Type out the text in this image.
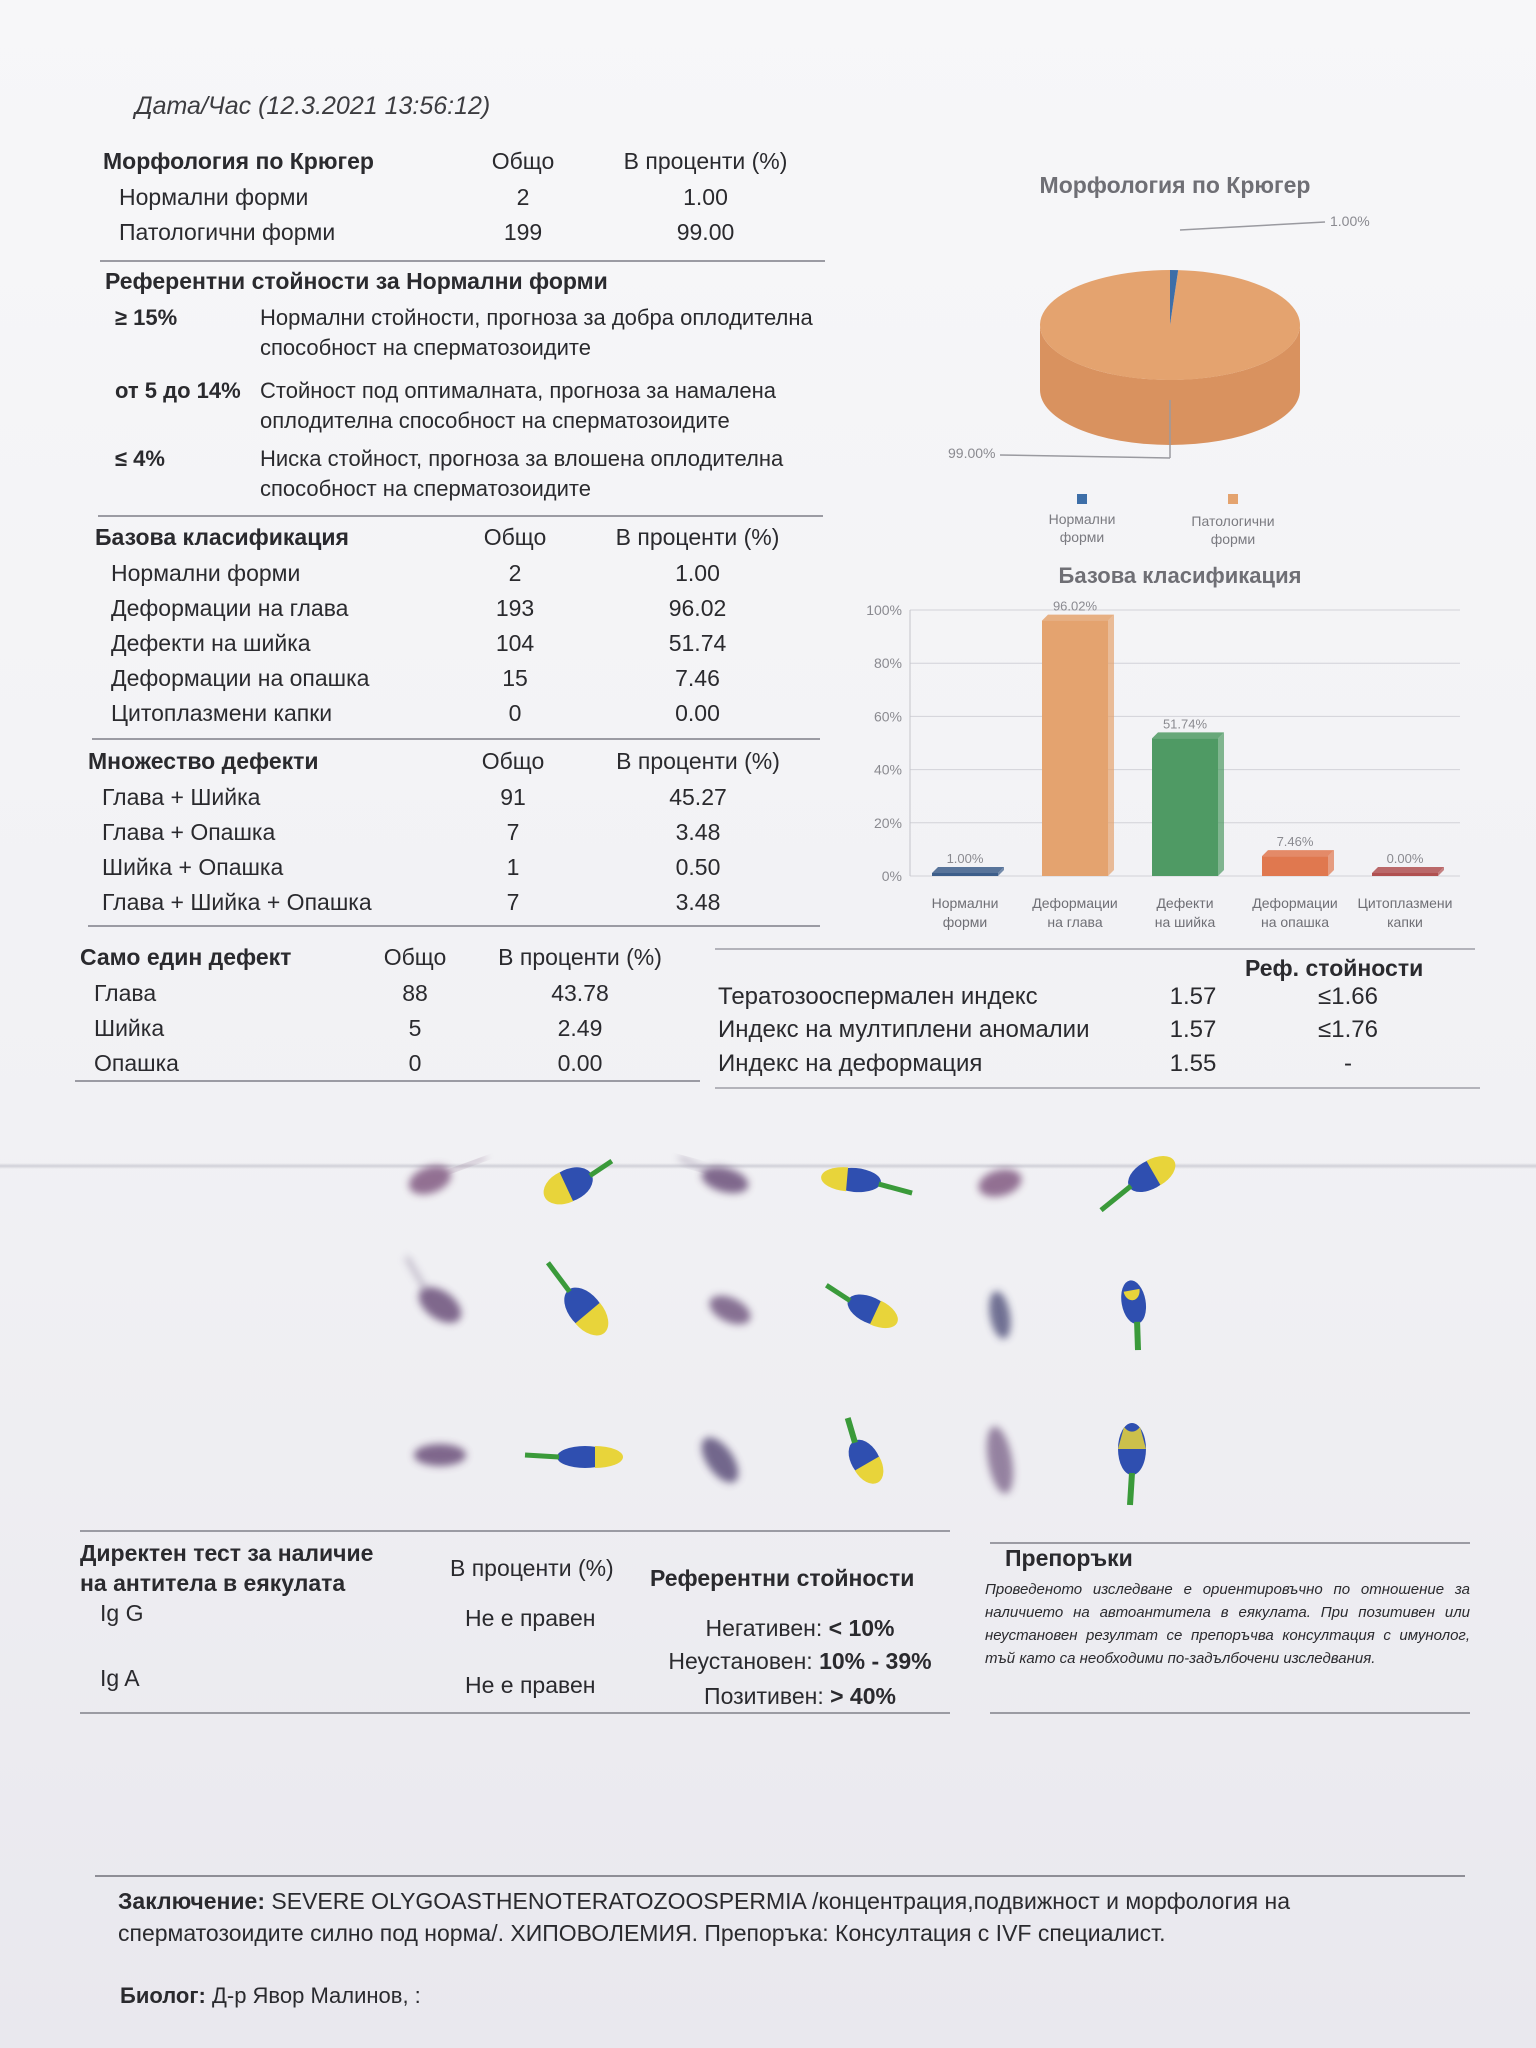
Дата/Час (12.3.2021 13:56:12)
Морфология по Крюгер	Общо	В проценти (%)
Нормални форми	2	1.00
Патологични форми	199	99.00
Референтни стойности за Нормални форми
≥ 15%	Нормални стойности, прогноза за добра оплодителна способност на сперматозоидите
от 5 до 14% Стойност под оптималната, прогноза за намалена оплодителна способност на сперматозоидите
≤ 4%	Ниска стойност, прогноза за влошена оплодителна способност на сперматозоидите
Базова класификация	Общо	В проценти (%)
Нормални форми	2	1.00
Деформации на глава	193	96.02
Дефекти на шийка	104	51.74
Деформации на опашка	15	7.46
Цитоплазмени капки	0	0.00
Множество дефекти	Общо	В проценти (%)
Глава + Шийка	91	45.27
Глава + Опашка	7	3.48
Шийка + Опашка	1	0.50
Глава + Шийка + Опашка	7	3.48
Само един дефект	Общо	В проценти (%)
Глава	88	43.78
Шийка	5	2.49
Опашка	0	0.00
Морфология по Крюгер
1.00%
99.00%
Нормални форми
Патологични форми
Базова класификация
0%
20%
40%
60%
80%
100%
1.00%
96.02%
51.74%
7.46%
0.00%
Нормални форми
Деформации на глава
Дефекти на шийка
Деформации на опашка
Цитоплазмени капки
Реф. стойности
Тератозооспермален индекс	1.57	≤1.66
Индекс на мултиплени аномалии	1.57	≤1.76
Индекс на деформация	1.55	-
Директен тест за наличие
на антитела в еякулата
В проценти (%) Референтни стойности
Ig G	Не е правен
Ig A	Не е правен
Негативен: < 10%
Неустановен: 10% - 39%
Позитивен: > 40%
Препоръки
Проведеното изследване е ориентировъчно по отношение за наличието на автоантитела в еякулата. При позитивен или неустановен резултат се препоръчва консултация с имунолог, тъй като са необходими по-задълбочени изследвания.
Заключение: SEVERE OLYGOASTHENOTERATOZOOSPERMIA /концентрация,подвижност и морфология на сперматозоидите силно под норма/. ХИПОВОЛЕМИЯ. Препоръка: Консултация с IVF специалист.
Биолог: Д-р Явор Малинов, :
